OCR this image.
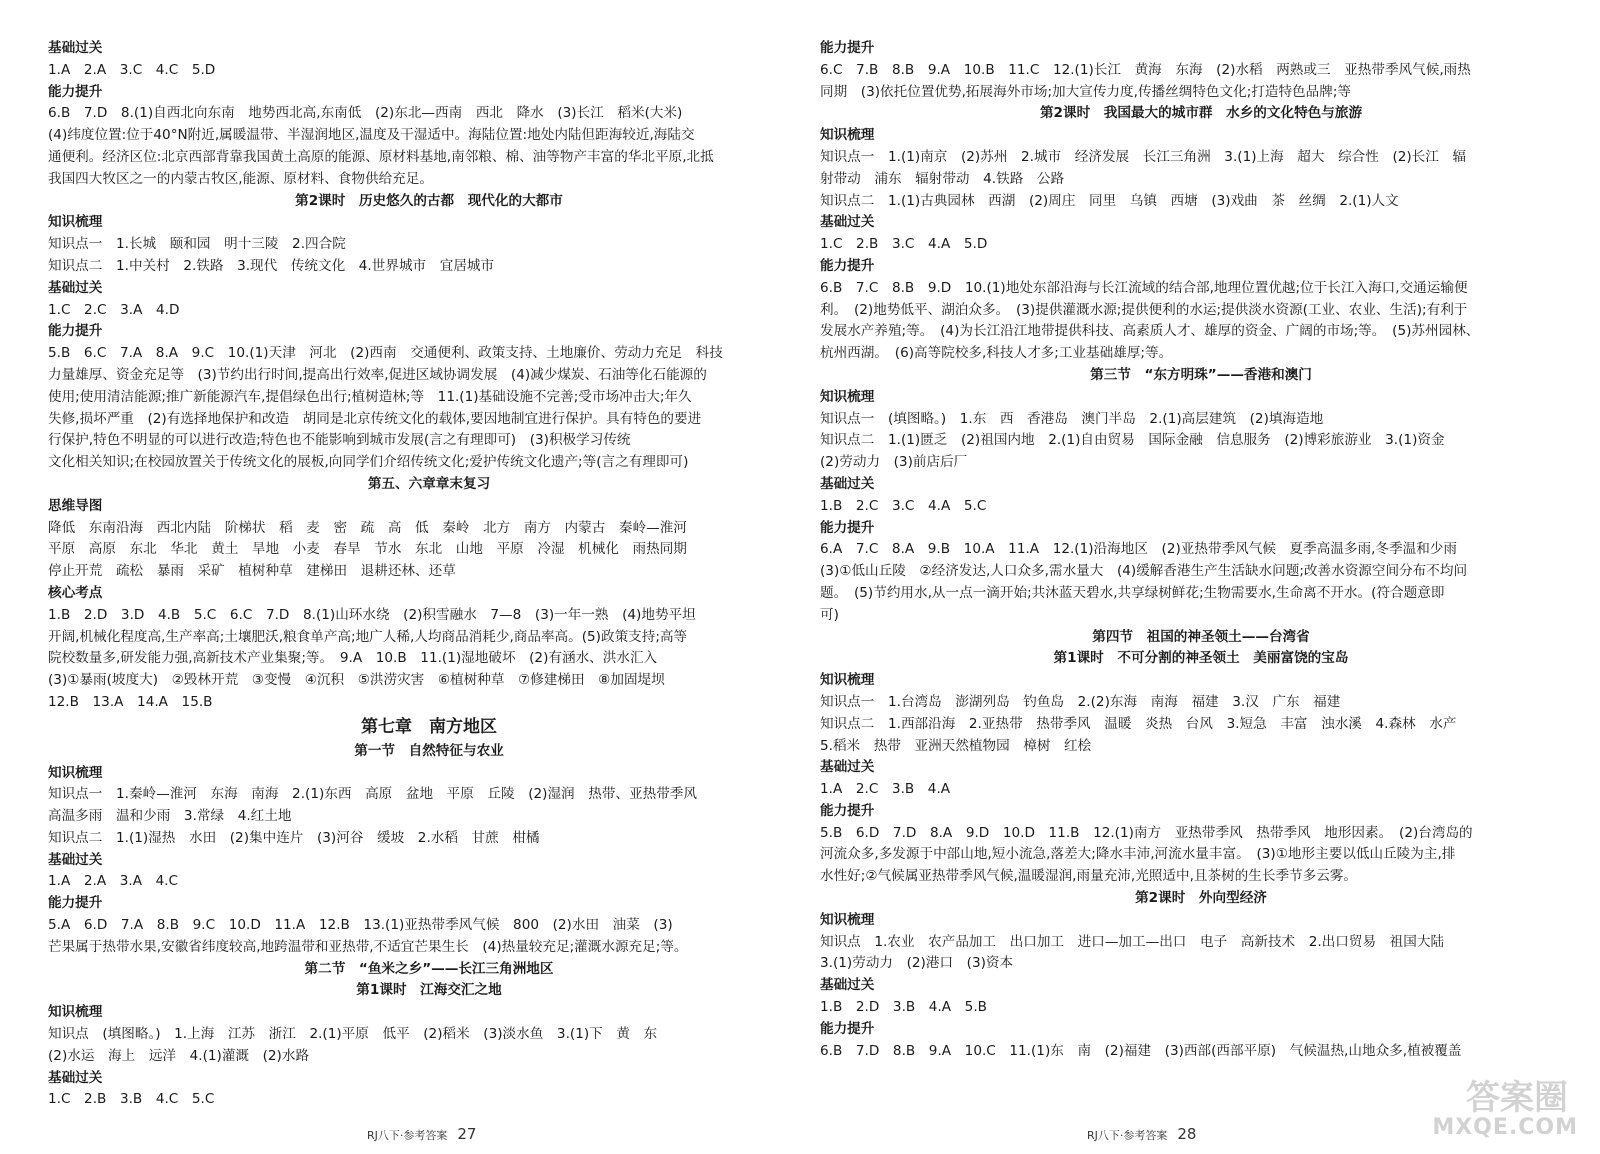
基础过关
1.A　2.A　3.C　4.C　5.D
能力提升
6.B　7.D　8.(1)自西北向东南　地势西北高,东南低　(2)东北—西南　西北　降水　(3)长江　稻米(大米)
(4)纬度位置:位于40°N附近,属暖温带、半湿润地区,温度及干湿适中。海陆位置:地处内陆但距海较近,海陆交
通便利。经济区位:北京西部背靠我国黄土高原的能源、原材料基地,南邻粮、棉、油等物产丰富的华北平原,北抵
我国四大牧区之一的内蒙古牧区,能源、原材料、食物供给充足。
第2课时　历史悠久的古都　现代化的大都市
知识梳理
知识点一　1.长城　颐和园　明十三陵　2.四合院
知识点二　1.中关村　2.铁路　3.现代　传统文化　4.世界城市　宜居城市
基础过关
1.C　2.C　3.A　4.D
能力提升
5.B　6.C　7.A　8.A　9.C　10.(1)天津　河北　(2)西南　交通便利、政策支持、土地廉价、劳动力充足　科技
力量雄厚、资金充足等　(3)节约出行时间,提高出行效率,促进区域协调发展　(4)减少煤炭、石油等化石能源的
使用;使用清洁能源;推广新能源汽车,提倡绿色出行;植树造林;等　11.(1)基础设施不完善;受市场冲击大;年久
失修,损坏严重　(2)有选择地保护和改造　胡同是北京传统文化的载体,要因地制宜进行保护。具有特色的要进
行保护,特色不明显的可以进行改造;特色也不能影响到城市发展(言之有理即可)　(3)积极学习传统
文化相关知识;在校园放置关于传统文化的展板,向同学们介绍传统文化;爱护传统文化遗产;等(言之有理即可)
第五、六章章末复习
思维导图
降低　东南沿海　西北内陆　阶梯状　稻　麦　密　疏　高　低　秦岭　北方　南方　内蒙古　秦岭—淮河
平原　高原　东北　华北　黄土　旱地　小麦　春旱　节水　东北　山地　平原　冷湿　机械化　雨热同期
停止开荒　疏松　暴雨　采矿　植树种草　建梯田　退耕还林、还草
核心考点
1.B　2.D　3.D　4.B　5.C　6.C　7.D　8.(1)山环水绕　(2)积雪融水　7—8　(3)一年一熟　(4)地势平坦
开阔,机械化程度高,生产率高;土壤肥沃,粮食单产高;地广人稀,人均商品消耗少,商品率高。(5)政策支持;高等
院校数量多,研发能力强,高新技术产业集聚;等。　9.A　10.B　11.(1)湿地破坏　(2)有涵水、洪水汇入
(3)①暴雨(坡度大)　②毁林开荒　③变慢　④沉积　⑤洪涝灾害　⑥植树种草　⑦修建梯田　⑧加固堤坝
12.B　13.A　14.A　15.B
第七章　南方地区
第一节　自然特征与农业
知识梳理
知识点一　1.秦岭—淮河　东海　南海　2.(1)东西　高原　盆地　平原　丘陵　(2)湿润　热带、亚热带季风
高温多雨　温和少雨　3.常绿　4.红土地
知识点二　1.(1)湿热　水田　(2)集中连片　(3)河谷　缓坡　2.水稻　甘蔗　柑橘
基础过关
1.A　2.A　3.A　4.C
能力提升
5.A　6.D　7.A　8.B　9.C　10.D　11.A　12.B　13.(1)亚热带季风气候　800　(2)水田　油菜　(3)
芒果属于热带水果,安徽省纬度较高,地跨温带和亚热带,不适宜芒果生长　(4)热量较充足;灌溉水源充足;等。
第二节　“鱼米之乡”——长江三角洲地区
第1课时　江海交汇之地
知识梳理
知识点　(填图略。)　1.上海　江苏　浙江　2.(1)平原　低平　(2)稻米　(3)淡水鱼　3.(1)下　黄　东
(2)水运　海上　远洋　4.(1)灌溉　(2)水路
基础过关
1.C　2.B　3.B　4.C　5.C
能力提升
6.C　7.B　8.B　9.A　10.B　11.C　12.(1)长江　黄海　东海　(2)水稻　两熟或三　亚热带季风气候,雨热
同期　(3)依托位置优势,拓展海外市场;加大宣传力度,传播丝绸特色文化;打造特色品牌;等
第2课时　我国最大的城市群　水乡的文化特色与旅游
知识梳理
知识点一　1.(1)南京　(2)苏州　2.城市　经济发展　长江三角洲　3.(1)上海　超大　综合性　(2)长江　辐
射带动　浦东　辐射带动　4.铁路　公路
知识点二　1.(1)古典园林　西湖　(2)周庄　同里　乌镇　西塘　(3)戏曲　茶　丝绸　2.(1)人文
基础过关
1.C　2.B　3.C　4.A　5.D
能力提升
6.B　7.C　8.B　9.D　10.(1)地处东部沿海与长江流域的结合部,地理位置优越;位于长江入海口,交通运输便
利。　(2)地势低平、湖泊众多。　(3)提供灌溉水源;提供便利的水运;提供淡水资源(工业、农业、生活);有利于
发展水产养殖;等。　(4)为长江沿江地带提供科技、高素质人才、雄厚的资金、广阔的市场;等。　(5)苏州园林、
杭州西湖。　(6)高等院校多,科技人才多;工业基础雄厚;等。
第三节　“东方明珠”——香港和澳门
知识梳理
知识点一　(填图略。)　1.东　西　香港岛　澳门半岛　2.(1)高层建筑　(2)填海造地
知识点二　1.(1)匮乏　(2)祖国内地　2.(1)自由贸易　国际金融　信息服务　(2)博彩旅游业　3.(1)资金
(2)劳动力　(3)前店后厂
基础过关
1.B　2.C　3.C　4.A　5.C
能力提升
6.A　7.C　8.A　9.B　10.A　11.A　12.(1)沿海地区　(2)亚热带季风气候　夏季高温多雨,冬季温和少雨
(3)①低山丘陵　②经济发达,人口众多,需水量大　(4)缓解香港生产生活缺水问题;改善水资源空间分布不均问
题。　(5)节约用水,从一点一滴开始;共沐蓝天碧水,共享绿树鲜花;生物需要水,生命离不开水。(符合题意即
可)
第四节　祖国的神圣领土——台湾省
第1课时　不可分割的神圣领土　美丽富饶的宝岛
知识梳理
知识点一　1.台湾岛　澎湖列岛　钓鱼岛　2.(2)东海　南海　福建　3.汉　广东　福建
知识点二　1.西部沿海　2.亚热带　热带季风　温暖　炎热　台风　3.短急　丰富　浊水溪　4.森林　水产
5.稻米　热带　亚洲天然植物园　樟树　红桧
基础过关
1.A　2.C　3.B　4.A
能力提升
5.B　6.D　7.D　8.A　9.D　10.D　11.B　12.(1)南方　亚热带季风　热带季风　地形因素。　(2)台湾岛的
河流众多,多发源于中部山地,短小流急,落差大;降水丰沛,河流水量丰富。　(3)①地形主要以低山丘陵为主,排
水性好;②气候属亚热带季风气候,温暖湿润,雨量充沛,光照适中,且茶树的生长季节多云雾。
第2课时　外向型经济
知识梳理
知识点　1.农业　农产品加工　出口加工　进口—加工—出口　电子　高新技术　2.出口贸易　祖国大陆
3.(1)劳动力　(2)港口　(3)资本
基础过关
1.B　2.D　3.B　4.A　5.B
能力提升
6.B　7.D　8.B　9.A　10.C　11.(1)东　南　(2)福建　(3)西部(西部平原)　气候温热,山地众多,植被覆盖

RJ八下·参考答案 27	RJ八下·参考答案 28

答案圈
MXQE.COM
